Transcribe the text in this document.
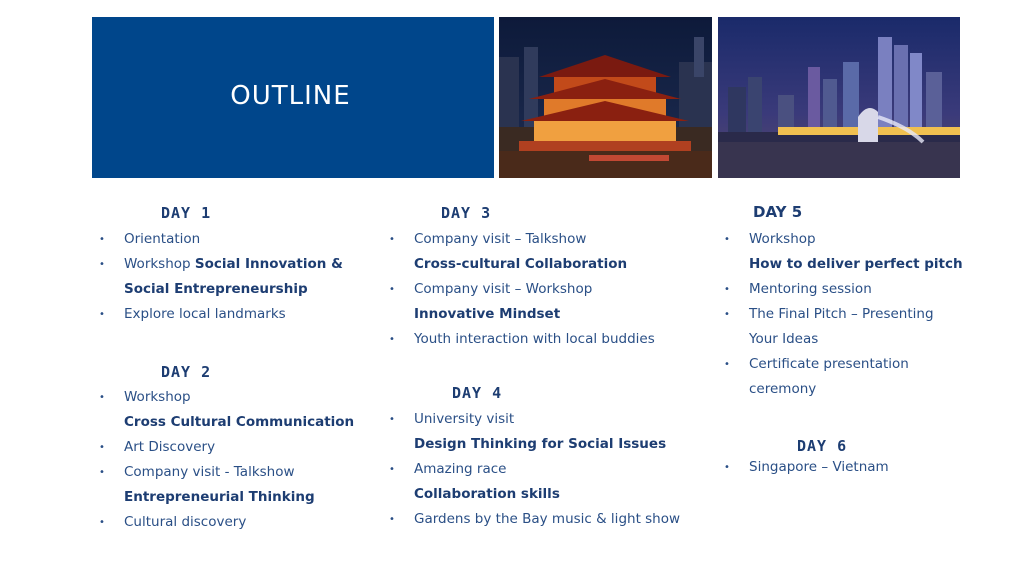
OUTLINE
DAY 1
• Orientation
• Workshop Social Innovation &
Social Entrepreneurship
• Explore local landmarks
DAY 2
• Workshop
Cross Cultural Communication
• Art Discovery
• Company visit - Talkshow
Entrepreneurial Thinking
• Cultural discovery
DAY 3
• Company visit – Talkshow
Cross-cultural Collaboration
• Company visit – Workshop
Innovative Mindset
• Youth interaction with local buddies
DAY 4
• University visit
Design Thinking for Social Issues
• Amazing race
Collaboration skills
• Gardens by the Bay music & light show
DAY 5
• Workshop
How to deliver perfect pitch
• Mentoring session
• The Final Pitch – Presenting
Your Ideas
• Certificate presentation
ceremony
DAY 6
• Singapore – Vietnam
